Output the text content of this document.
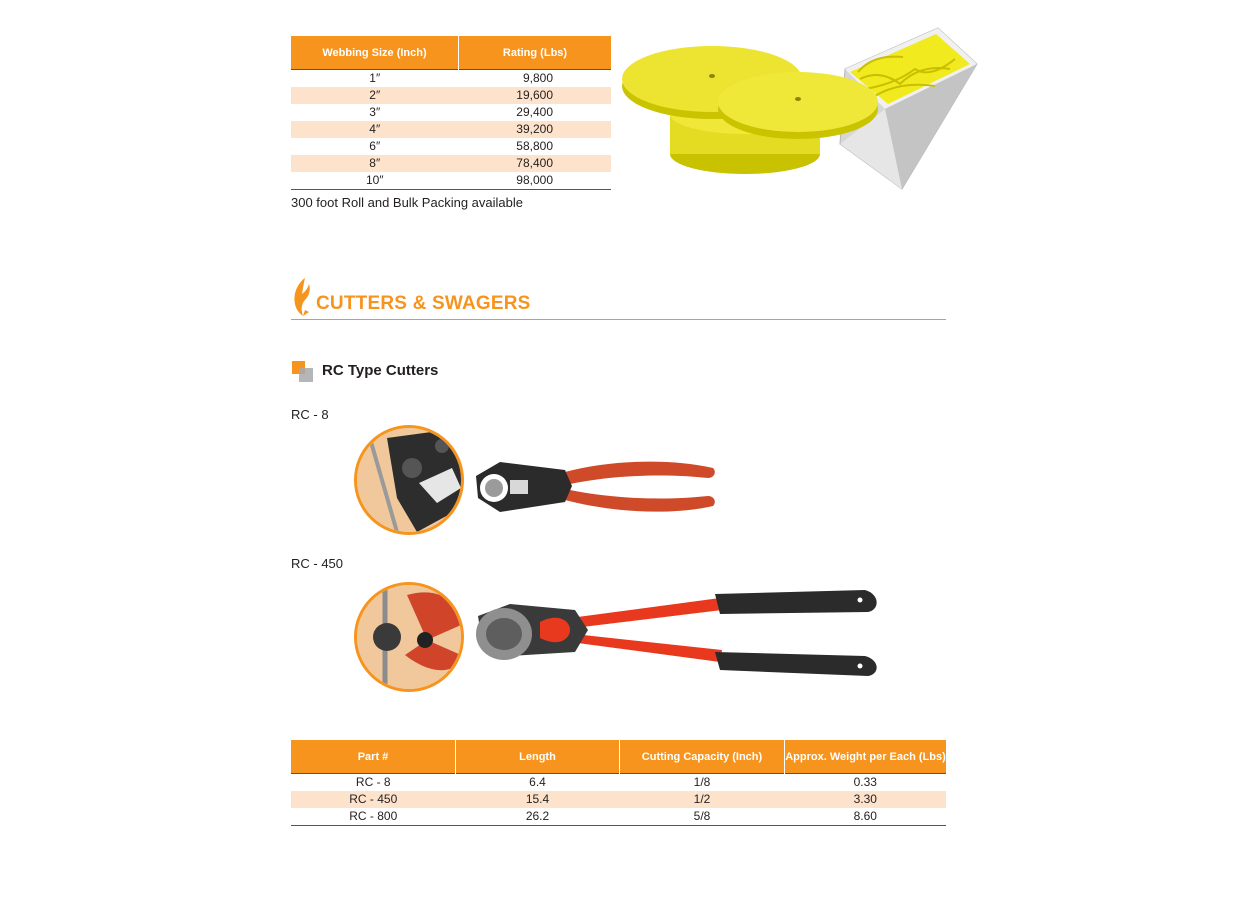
Webbing Size (Inch)	Rating (Lbs)
1″	9,800
2″	19,600
3″	29,400
4″	39,200
6″	58,800
8″	78,400
10″	98,000
300 foot Roll and Bulk Packing available
CUTTERS & SWAGERS
RC Type Cutters
RC - 8
RC - 450
Part #	Length	Cutting Capacity (Inch)	Approx. Weight per Each (Lbs)
RC - 8	6.4	1/8	0.33
RC - 450	15.4	1/2	3.30
RC - 800	26.2	5/8	8.60
